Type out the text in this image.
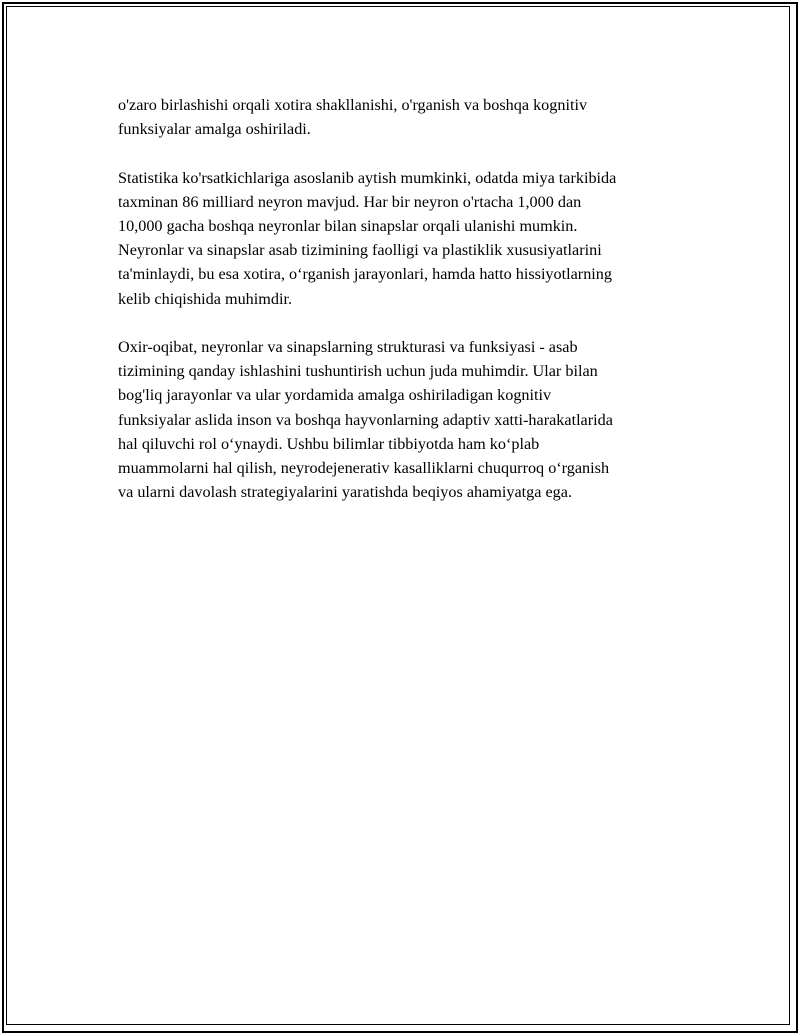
o'zaro birlashishi orqali xotira shakllanishi, o'rganish va boshqa kognitiv
funksiyalar amalga oshiriladi.

Statistika ko'rsatkichlariga asoslanib aytish mumkinki, odatda miya tarkibida
taxminan 86 milliard neyron mavjud. Har bir neyron o'rtacha 1,000 dan
10,000 gacha boshqa neyronlar bilan sinapslar orqali ulanishi mumkin.
Neyronlar va sinapslar asab tizimining faolligi va plastiklik xususiyatlarini
ta'minlaydi, bu esa xotira, o‘rganish jarayonlari, hamda hatto hissiyotlarning
kelib chiqishida muhimdir.

Oxir-oqibat, neyronlar va sinapslarning strukturasi va funksiyasi - asab
tizimining qanday ishlashini tushuntirish uchun juda muhimdir. Ular bilan
bog'liq jarayonlar va ular yordamida amalga oshiriladigan kognitiv
funksiyalar aslida inson va boshqa hayvonlarning adaptiv xatti-harakatlarida
hal qiluvchi rol o‘ynaydi. Ushbu bilimlar tibbiyotda ham ko‘plab
muammolarni hal qilish, neyrodejenerativ kasalliklarni chuqurroq o‘rganish
va ularni davolash strategiyalarini yaratishda beqiyos ahamiyatga ega.
